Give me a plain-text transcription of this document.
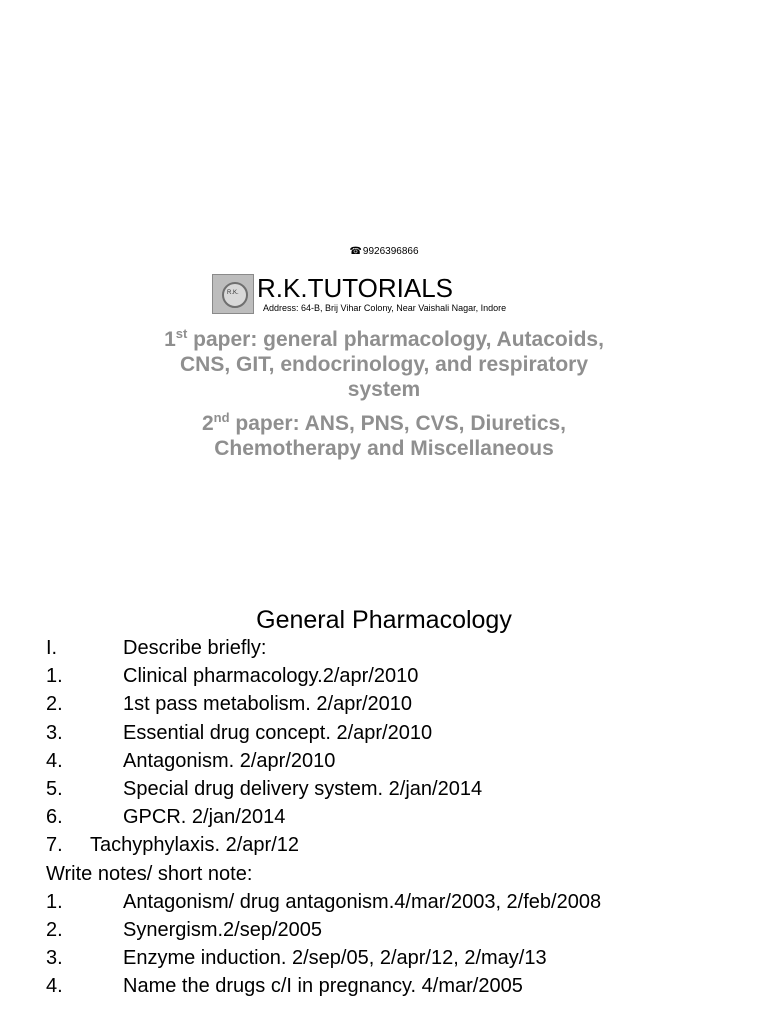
☎9926396866
R.K. R.K.TUTORIALS
Address: 64-B, Brij Vihar Colony, Near Vaishali Nagar, Indore

1st paper: general pharmacology, Autacoids,
CNS, GIT, endocrinology, and respiratory
system

2nd paper: ANS, PNS, CVS, Diuretics,
Chemotherapy and Miscellaneous

General Pharmacology
I.	Describe briefly:
1.	Clinical pharmacology.2/apr/2010
2.	1st pass metabolism. 2/apr/2010
3.	Essential drug concept. 2/apr/2010
4.	Antagonism. 2/apr/2010
5.	Special drug delivery system. 2/jan/2014
6.	GPCR. 2/jan/2014
7. Tachyphylaxis. 2/apr/12
Write notes/ short note:
1.	Antagonism/ drug antagonism.4/mar/2003, 2/feb/2008
2.	Synergism.2/sep/2005
3.	Enzyme induction. 2/sep/05, 2/apr/12, 2/may/13
4.	Name the drugs c/I in pregnancy. 4/mar/2005
